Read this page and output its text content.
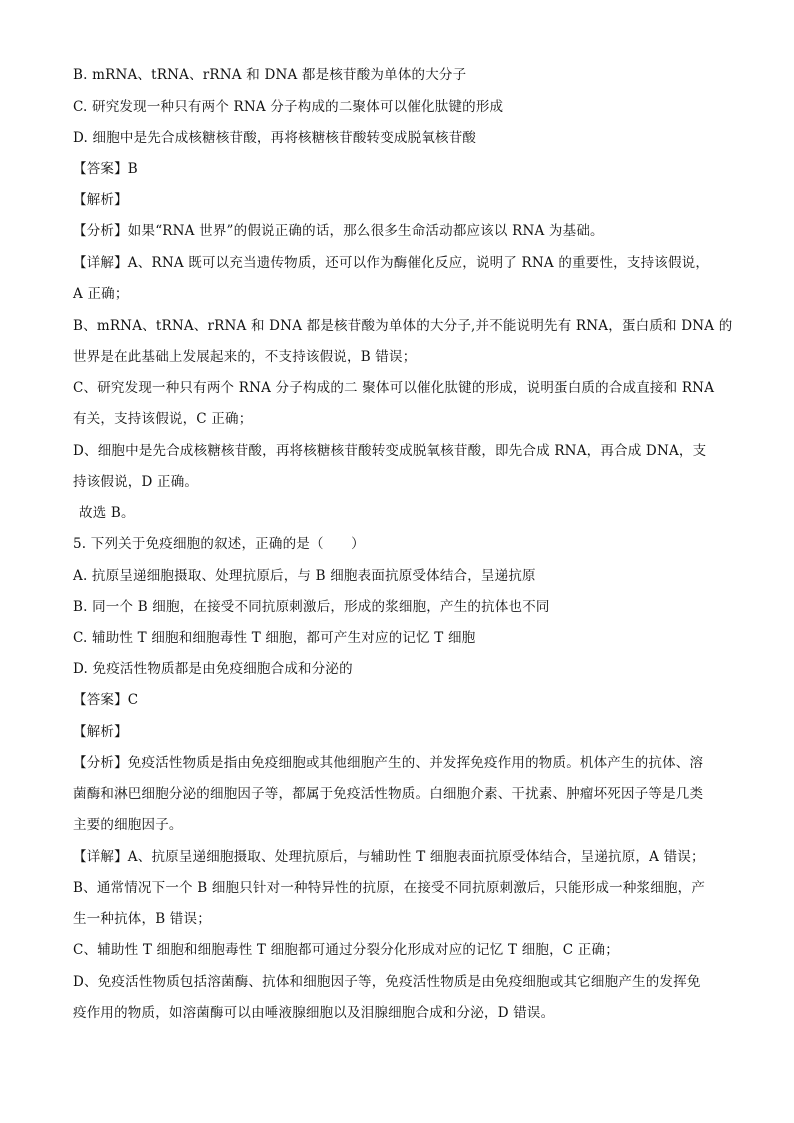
B. mRNA、tRNA、rRNA 和 DNA 都是核苷酸为单体的大分子
C. 研究发现一种只有两个 RNA 分子构成的二聚体可以催化肽键的形成
D. 细胞中是先合成核糖核苷酸，再将核糖核苷酸转变成脱氧核苷酸
【答案】B
【解析】
【分析】如果“RNA 世界”的假说正确的话，那么很多生命活动都应该以 RNA 为基础。
【详解】A、RNA 既可以充当遗传物质，还可以作为酶催化反应，说明了 RNA 的重要性，支持该假说，
A 正确；
B、mRNA、tRNA、rRNA 和 DNA 都是核苷酸为单体的大分子,并不能说明先有 RNA，蛋白质和 DNA 的
世界是在此基础上发展起来的，不支持该假说，B 错误；
C、研究发现一种只有两个 RNA 分子构成的二 聚体可以催化肽键的形成，说明蛋白质的合成直接和 RNA
有关，支持该假说，C 正确；
D、细胞中是先合成核糖核苷酸，再将核糖核苷酸转变成脱氧核苷酸，即先合成 RNA，再合成 DNA，支
持该假说，D 正确。
故选 B。
5. 下列关于免疫细胞的叙述，正确的是（　　）
A. 抗原呈递细胞摄取、处理抗原后，与 B 细胞表面抗原受体结合，呈递抗原
B. 同一个 B 细胞，在接受不同抗原刺激后，形成的浆细胞，产生的抗体也不同
C. 辅助性 T 细胞和细胞毒性 T 细胞，都可产生对应的记忆 T 细胞
D. 免疫活性物质都是由免疫细胞合成和分泌的
【答案】C
【解析】
【分析】免疫活性物质是指由免疫细胞或其他细胞产生的、并发挥免疫作用的物质。机体产生的抗体、溶
菌酶和淋巴细胞分泌的细胞因子等，都属于免疫活性物质。白细胞介素、干扰素、肿瘤坏死因子等是几类
主要的细胞因子。
【详解】A、抗原呈递细胞摄取、处理抗原后，与辅助性 T 细胞表面抗原受体结合，呈递抗原，A 错误；
B、通常情况下一个 B 细胞只针对一种特异性的抗原，在接受不同抗原刺激后，只能形成一种浆细胞，产
生一种抗体，B 错误；
C、辅助性 T 细胞和细胞毒性 T 细胞都可通过分裂分化形成对应的记忆 T 细胞，C 正确；
D、免疫活性物质包括溶菌酶、抗体和细胞因子等，免疫活性物质是由免疫细胞或其它细胞产生的发挥免
疫作用的物质，如溶菌酶可以由唾液腺细胞以及泪腺细胞合成和分泌，D 错误。
